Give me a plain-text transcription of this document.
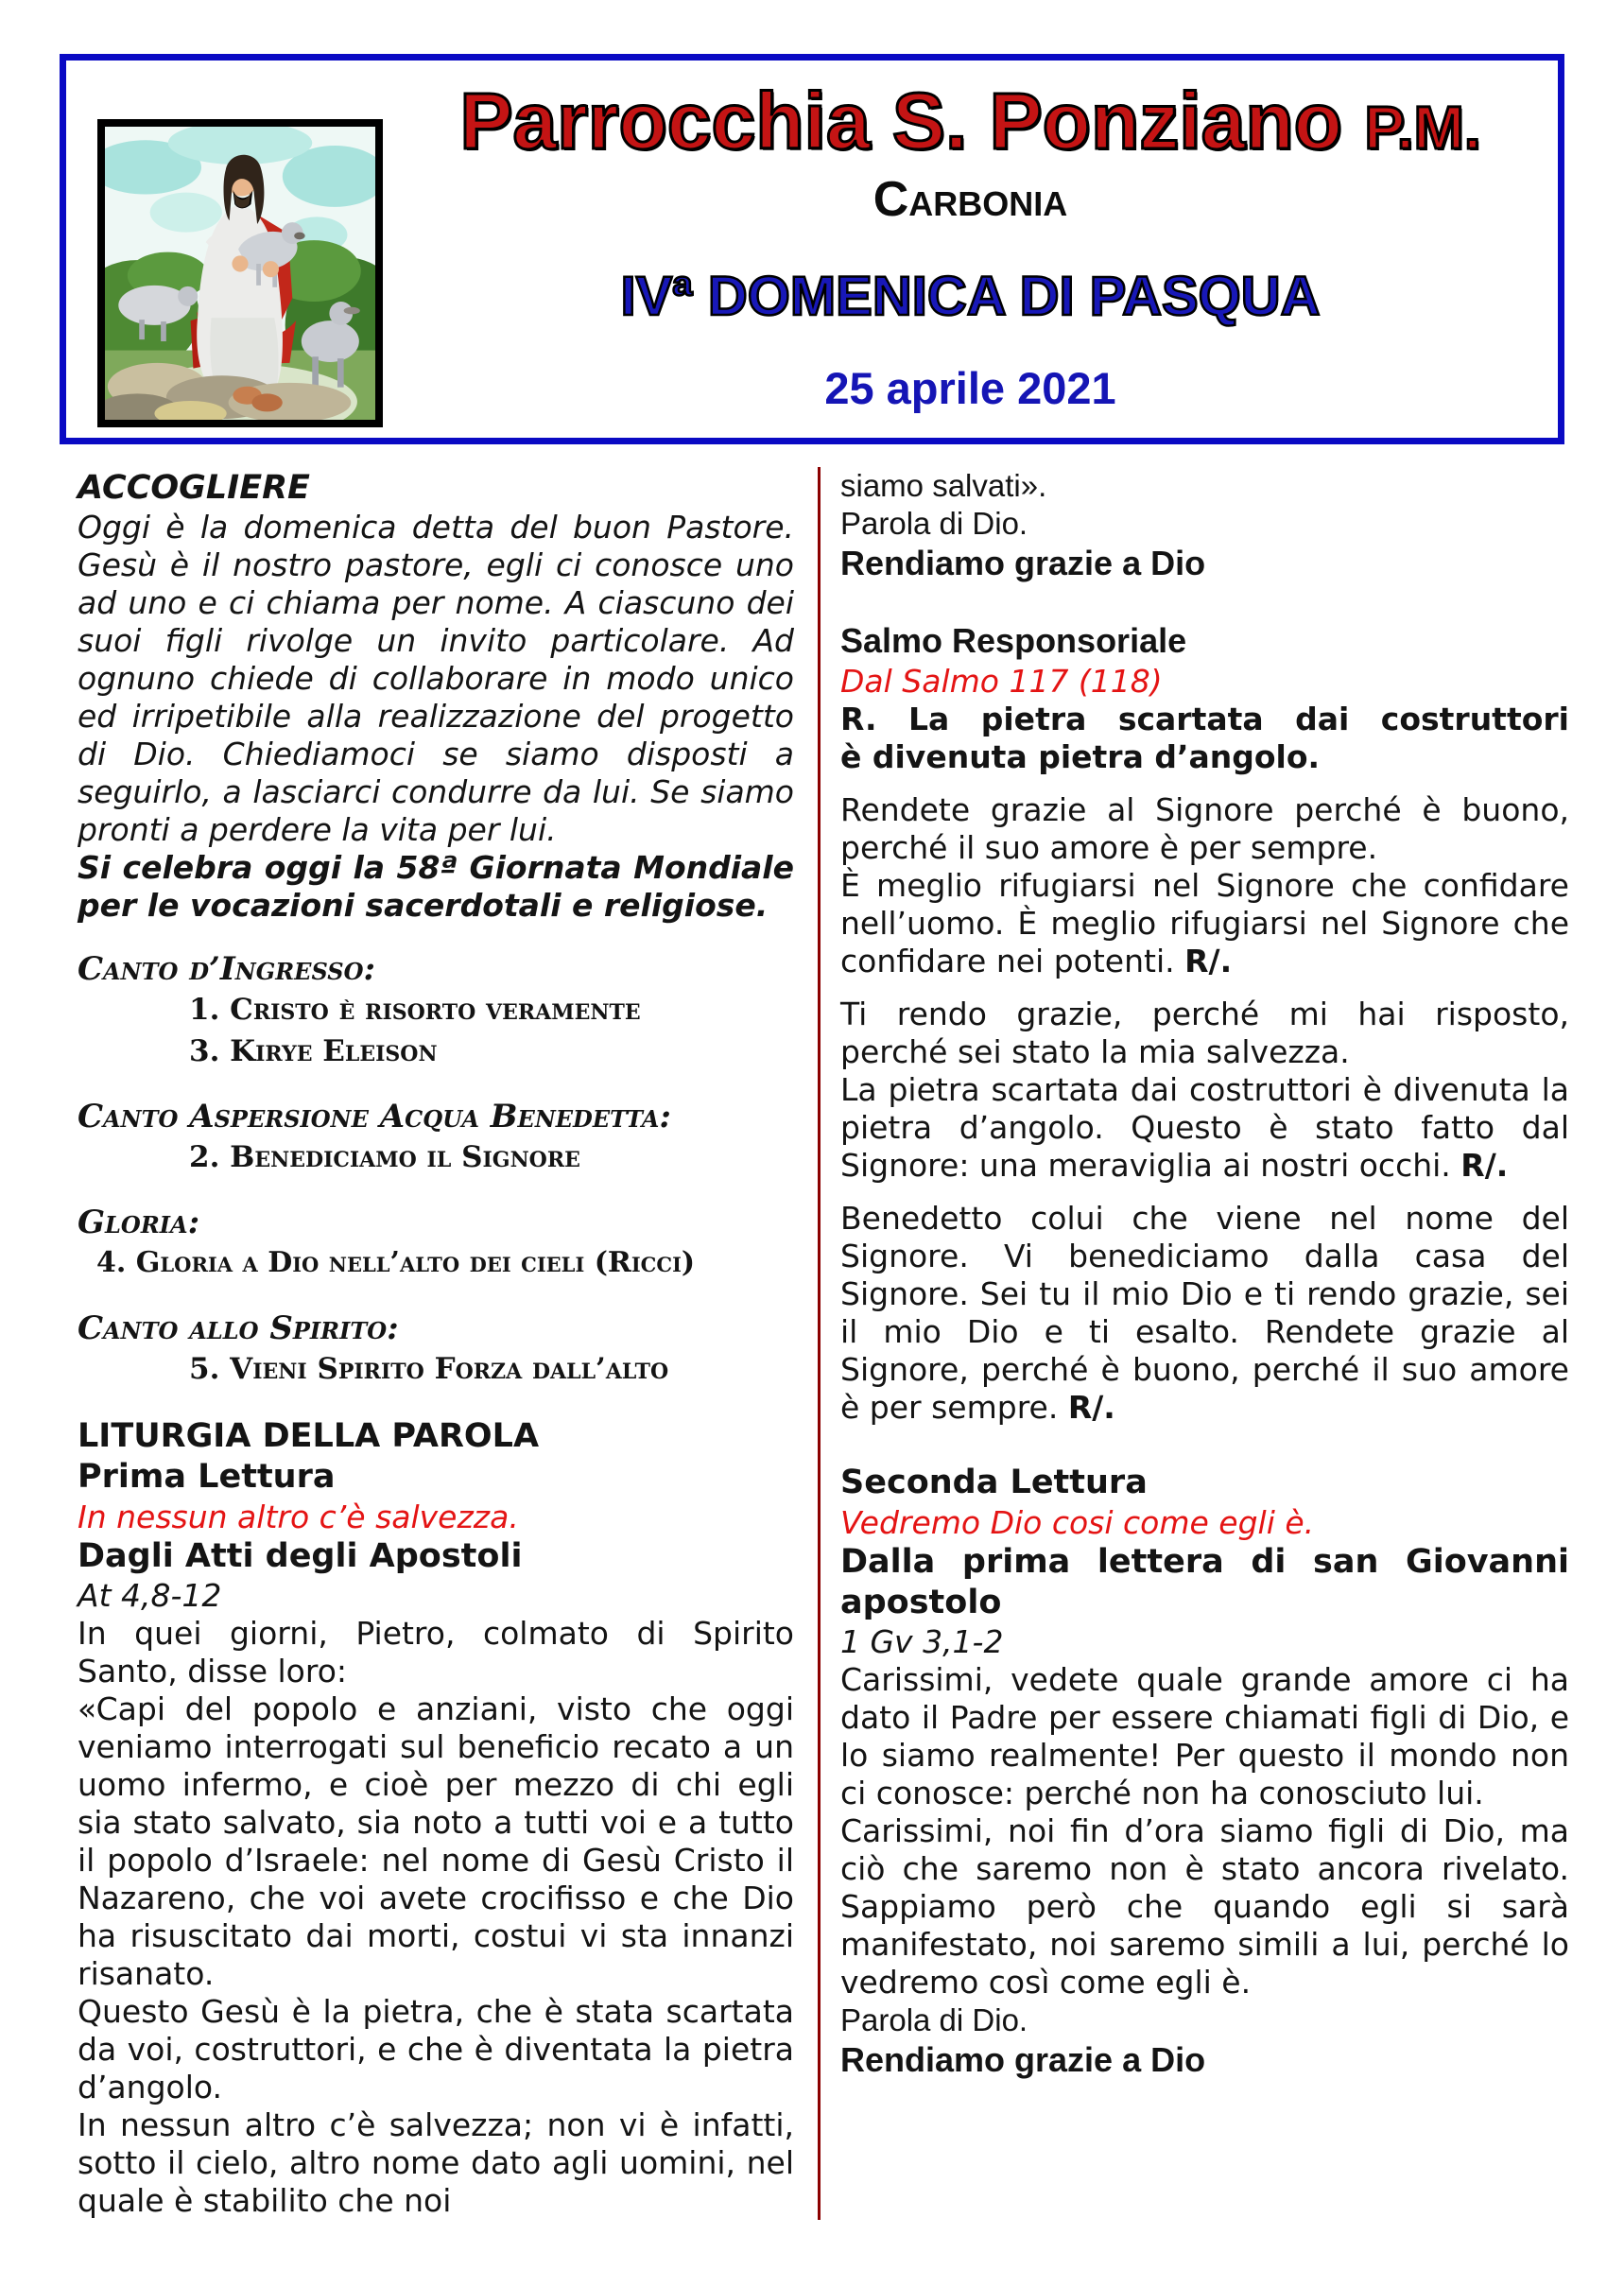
Parrocchia S. Ponziano P.M.
Carbonia
IVª DOMENICA DI PASQUA
25 aprile 2021

ACCOGLIERE

Oggi è la domenica detta del buon Pastore. Gesù è il nostro pastore, egli ci conosce uno ad uno e ci chiama per nome. A ciascuno dei suoi figli rivolge un invito particolare. Ad ognuno chiede di collaborare in modo unico ed irripetibile alla realizzazione del progetto di Dio. Chiediamoci se siamo disposti a seguirlo, a lasciarci condurre da lui. Se siamo pronti a perdere la vita per lui.

Si celebra oggi la 58ª Giornata Mondiale

per le vocazioni sacerdotali e religiose.

Canto d’Ingresso:

1. Cristo è risorto veramente

3. Kirye Eleison

Canto Aspersione Acqua Benedetta:

2. Benediciamo il Signore

Gloria:

4. Gloria a Dio nell’alto dei cieli (Ricci)

Canto allo Spirito:

5. Vieni Spirito Forza dall’alto

LITURGIA DELLA PAROLA

Prima Lettura

In nessun altro c’è salvezza.

Dagli Atti degli Apostoli

At 4,8-12

In quei giorni, Pietro, colmato di Spirito Santo, disse loro:

«Capi del popolo e anziani, visto che oggi veniamo interrogati sul beneficio recato a un uomo infermo, e cioè per mezzo di chi egli sia stato salvato, sia noto a tutti voi e a tutto il popolo d’Israele: nel nome di Gesù Cristo il Nazareno, che voi avete crocifisso e che Dio ha risuscitato dai morti, costui vi sta innanzi risanato.

Questo Gesù è la pietra, che è stata scartata da voi, costruttori, e che è diventata la pietra d’angolo.

In nessun altro c’è salvezza; non vi è infatti, sotto il cielo, altro nome dato agli uomini, nel quale è stabilito che noi

siamo salvati».

Parola di Dio.

Rendiamo grazie a Dio

Salmo Responsoriale

Dal Salmo 117 (118)

R. La pietra scartata dai costruttori

è divenuta pietra d’angolo.

Rendete grazie al Signore perché è buono, perché il suo amore è per sempre.

È meglio rifugiarsi nel Signore che confidare nell’uomo. È meglio rifugiarsi nel Signore che confidare nei potenti. R/.

Ti rendo grazie, perché mi hai risposto,

perché sei stato la mia salvezza.

La pietra scartata dai costruttori è divenuta la pietra d’angolo. Questo è stato fatto dal Signore: una meraviglia ai nostri occhi. R/.

Benedetto colui che viene nel nome del Signore. Vi benediciamo dalla casa del Signore. Sei tu il mio Dio e ti rendo grazie, sei il mio Dio e ti esalto. Rendete grazie al Signore, perché è buono, perché il suo amore è per sempre. R/.

Seconda Lettura

Vedremo Dio cosi come egli è.

Dalla prima lettera di san Giovanni

apostolo

1 Gv 3,1-2

Carissimi, vedete quale grande amore ci ha dato il Padre per essere chiamati figli di Dio, e lo siamo realmente! Per questo il mondo non ci conosce: perché non ha conosciuto lui.

Carissimi, noi fin d’ora siamo figli di Dio, ma ciò che saremo non è stato ancora rivelato. Sappiamo però che quando egli si sarà manifestato, noi saremo simili a lui, perché lo vedremo così come egli è.

Parola di Dio.

Rendiamo grazie a Dio
